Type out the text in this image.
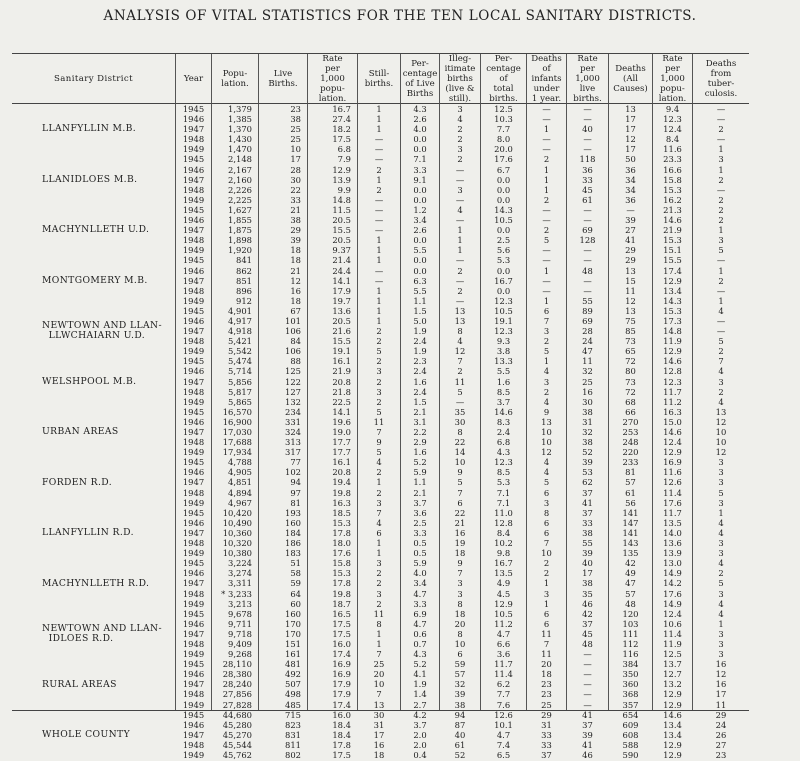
ANALYSIS OF VITAL STATISTICS FOR THE TEN LOCAL SANITARY DISTRICTS.
Sanitary District	Year	Popu-
lation.
Live
Births.
Rate
per
1,000
popu-
lation.
Still-
births.
Per-
centage
of Live
Births
Illeg-
itimate
births
(live &
still).
Per-
centage
of
total
births.
Deaths
of
infants
under
1 year.
Rate
per
1,000
live
births.
Deaths
(All
Causes)
Rate
per
1,000
popu-
lation.
Deaths
from
tuber-
culosis.
LLANFYLLIN M.B.
LLANIDLOES M.B.
MACHYNLLETH U.D.
MONTGOMERY M.B.
NEWTOWN AND LLAN-
LLWCHAIARN U.D.
WELSHPOOL M.B.
URBAN AREAS
FORDEN R.D.
LLANFYLLIN R.D.
MACHYNLLETH R.D.
NEWTOWN AND LLAN-
IDLOES R.D.
RURAL AREAS
WHOLE COUNTY
1945
1946
1947
1948
1949
1945
1946
1947
1948
1949
1945
1946
1947
1948
1949
1945
1946
1947
1948
1949
1945
1946
1947
1948
1949
1945
1946
1947
1948
1949
1945
1946
1947
1948
1949
1945
1946
1947
1948
1949
1945
1946
1947
1948
1949
1945
1946
1947
1948
1949
1945
1946
1947
1948
1949
1945
1946
1947
1948
1949
1945
1946
1947
1948
1949
1,379
1,385
1,370
1,430
1,470
2,148
2,167
2,160
2,226
2,225
1,627
1,855
1,875
1,898
1,920
841
862
851
896
912
4,901
4,917
4,918
5,421
5,542
5,474
5,714
5,856
5,817
5,865
16,570
16,900
17,030
17,688
17,934
4,788
4,905
4,851
4,894
4,967
10,420
10,490
10,360
10,320
10,380
3,224
3,274
3,311
* 3,233
3,213
9,678
9,711
9,718
9,409
9,268
28,110
28,380
28,240
27,856
27,828
44,680
45,280
45,270
45,544
45,762
23
38
25
25
10
17
28
30
22
33
21
38
29
39
18
18
21
12
16
18
67
101
106
84
106
88
125
122
127
132
234
331
324
313
317
77
102
94
97
81
193
160
184
186
183
51
58
59
64
60
160
170
170
151
161
481
492
507
498
485
715
823
831
811
802
16.7
27.4
18.2
17.5
6.8
7.9
12.9
13.9
9.9
14.8
11.5
20.5
15.5
20.5
9.37
21.4
24.4
14.1
17.9
19.7
13.6
20.5
21.6
15.5
19.1
16.1
21.9
20.8
21.8
22.5
14.1
19.6
19.0
17.7
17.7
16.1
20.8
19.4
19.8
16.3
18.5
15.3
17.8
18.0
17.6
15.8
15.3
17.8
19.8
18.7
16.5
17.5
17.5
16.0
17.4
16.9
16.9
17.9
17.9
17.4
16.0
18.4
18.4
17.8
17.5
1
1
1
—
—
—
2
1
2
—
—
—
—
1
1
1
—
—
1
1
1
1
2
2
5
2
3
2
3
2
5
11
7
9
5
4
2
1
2
3
7
4
6
1
1
3
2
2
3
2
11
8
1
1
7
25
20
10
7
13
30
31
17
16
18
4.3
2.6
4.0
0.0
0.0
7.1
3.3
9.1
0.0
0.0
1.2
3.4
2.6
0.0
5.5
0.0
0.0
6.3
5.5
1.1
1.5
5.0
1.9
2.4
1.9
2.3
2.4
1.6
2.4
1.5
2.1
3.1
2.2
2.9
1.6
5.2
5.9
1.1
2.1
3.7
3.6
2.5
3.3
0.5
0.5
5.9
4.0
3.4
4.7
3.3
6.9
4.7
0.6
0.7
4.3
5.2
4.1
1.9
1.4
2.7
4.2
3.7
2.0
2.0
0.4
3
4
2
2
3
2
—
—
3
—
4
—
1
1
1
—
2
—
2
—
13
13
8
4
12
7
2
11
5
—
35
30
8
22
14
10
9
5
7
6
22
21
16
19
18
9
7
3
3
8
18
20
8
10
6
59
57
32
39
38
94
87
40
61
52
12.5
10.3
7.7
8.0
20.0
17.6
6.7
0.0
0.0
0.0
14.3
10.5
0.0
2.5
5.6
5.3
0.0
16.7
0.0
12.3
10.5
19.1
12.3
9.3
3.8
13.3
5.5
1.6
8.5
3.7
14.6
8.3
2.4
6.8
4.3
12.3
8.5
5.3
7.1
7.1
11.0
12.8
8.4
10.2
9.8
16.7
13.5
4.9
4.5
12.9
10.5
11.2
4.7
6.6
3.6
11.7
11.4
6.2
7.7
7.6
12.6
10.1
4.7
7.4
6.5
—
—
1
—
—
2
1
1
1
2
—
—
2
5
—
—
1
—
—
1
6
7
3
2
5
1
4
3
2
4
9
13
10
10
12
4
4
5
6
3
8
6
6
7
10
2
2
1
3
1
6
6
11
7
11
20
18
23
23
25
29
31
33
33
37
—
—
40
—
—
118
36
33
45
61
—
—
69
128
—
—
48
—
—
55
89
69
28
24
47
11
32
25
16
30
38
31
32
38
52
39
53
62
37
41
37
33
38
55
39
40
17
38
35
46
42
37
45
48
—
—
—
—
—
—
41
37
39
41
46
13
17
17
12
17
50
36
34
34
36
—
39
27
41
29
29
13
15
11
12
13
75
85
73
65
72
80
73
72
68
66
270
253
248
220
233
81
57
61
56
141
147
141
143
135
42
49
47
57
48
120
103
111
112
116
384
350
360
368
357
654
609
608
588
590
9.4
12.3
12.4
8.4
11.6
23.3
16.6
15.8
15.3
16.2
21.3
14.6
21.9
15.3
15.1
15.5
17.4
12.9
13.4
14.3
15.3
17.3
14.8
11.9
12.9
14.6
12.8
12.3
11.7
11.2
16.3
15.0
14.6
12.4
12.9
16.9
11.6
12.6
11.4
17.6
11.7
13.5
14.0
13.6
13.9
13.0
14.9
14.2
17.6
14.9
12.4
10.6
11.4
11.9
12.5
13.7
12.7
13.2
12.9
12.9
14.6
13.4
13.4
12.9
12.9
—
—
2
—
1
3
1
2
—
2
2
2
1
3
5
—
1
2
—
1
4
—
—
5
2
7
4
3
2
4
13
12
10
10
12
3
3
3
5
3
1
4
4
3
3
4
2
5
3
4
4
1
3
3
3
16
12
16
17
11
29
24
26
27
23
